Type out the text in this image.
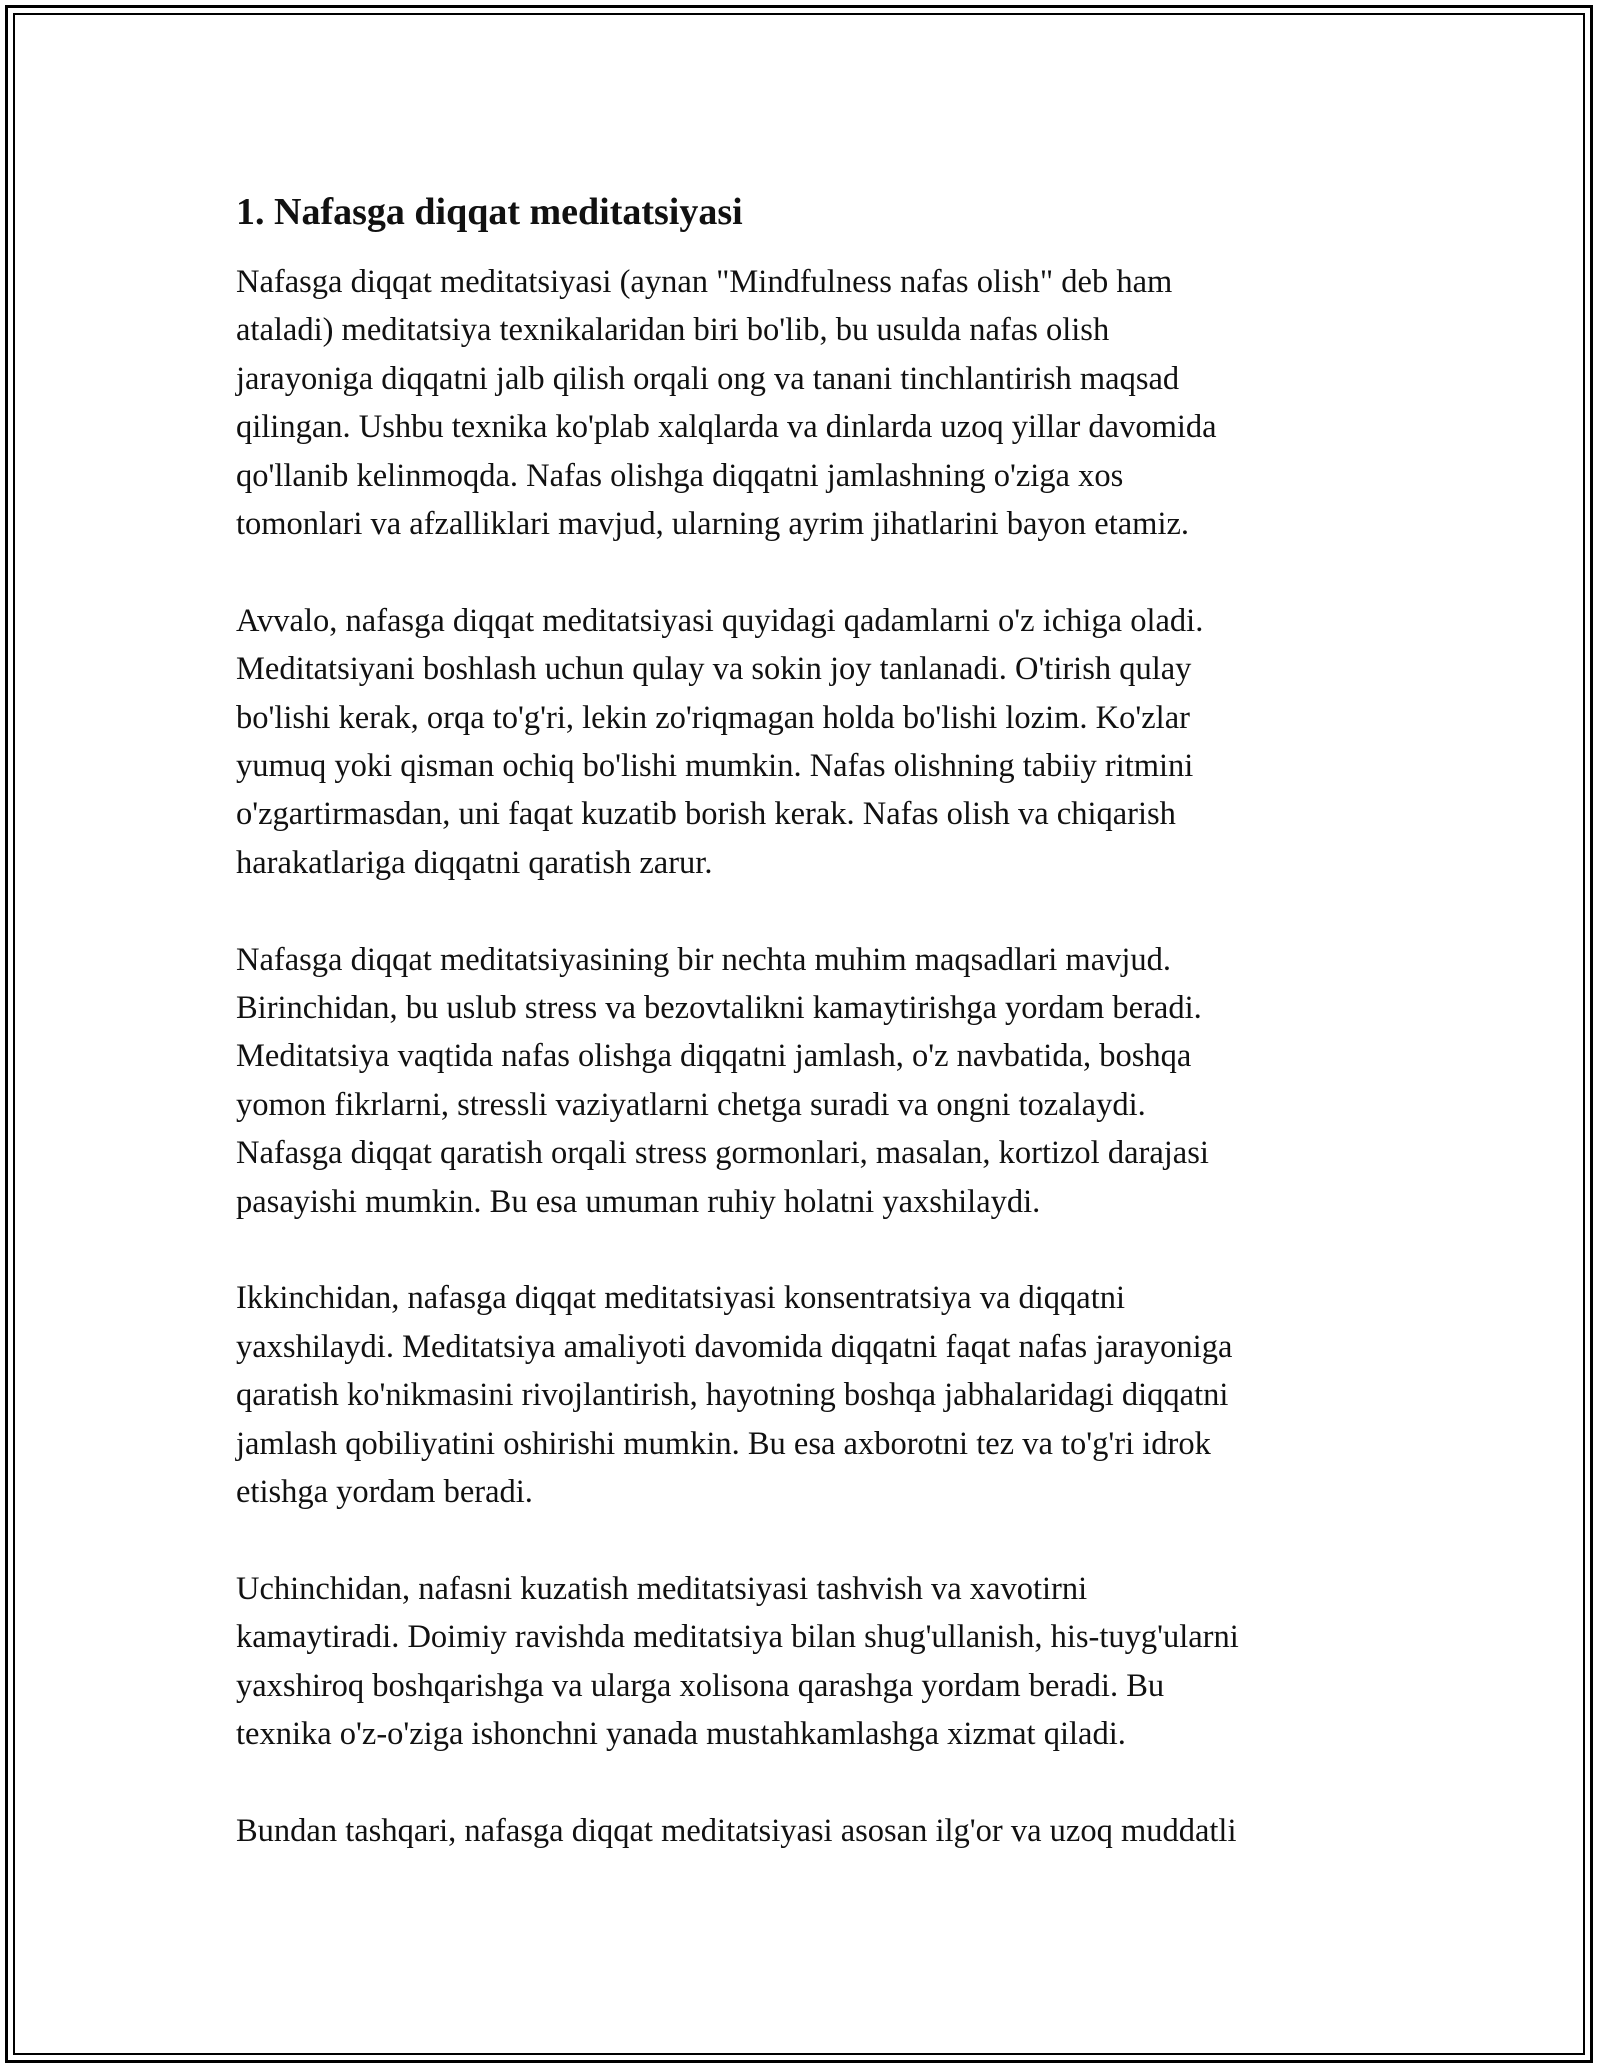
1. Nafasga diqqat meditatsiyasi

Nafasga diqqat meditatsiyasi (aynan "Mindfulness nafas olish" deb ham
ataladi) meditatsiya texnikalaridan biri bo'lib, bu usulda nafas olish
jarayoniga diqqatni jalb qilish orqali ong va tanani tinchlantirish maqsad
qilingan. Ushbu texnika ko'plab xalqlarda va dinlarda uzoq yillar davomida
qo'llanib kelinmoqda. Nafas olishga diqqatni jamlashning o'ziga xos
tomonlari va afzalliklari mavjud, ularning ayrim jihatlarini bayon etamiz.

Avvalo, nafasga diqqat meditatsiyasi quyidagi qadamlarni o'z ichiga oladi.
Meditatsiyani boshlash uchun qulay va sokin joy tanlanadi. O'tirish qulay
bo'lishi kerak, orqa to'g'ri, lekin zo'riqmagan holda bo'lishi lozim. Ko'zlar
yumuq yoki qisman ochiq bo'lishi mumkin. Nafas olishning tabiiy ritmini
o'zgartirmasdan, uni faqat kuzatib borish kerak. Nafas olish va chiqarish
harakatlariga diqqatni qaratish zarur.

Nafasga diqqat meditatsiyasining bir nechta muhim maqsadlari mavjud.
Birinchidan, bu uslub stress va bezovtalikni kamaytirishga yordam beradi.
Meditatsiya vaqtida nafas olishga diqqatni jamlash, o'z navbatida, boshqa
yomon fikrlarni, stressli vaziyatlarni chetga suradi va ongni tozalaydi.
Nafasga diqqat qaratish orqali stress gormonlari, masalan, kortizol darajasi
pasayishi mumkin. Bu esa umuman ruhiy holatni yaxshilaydi.

Ikkinchidan, nafasga diqqat meditatsiyasi konsentratsiya va diqqatni
yaxshilaydi. Meditatsiya amaliyoti davomida diqqatni faqat nafas jarayoniga
qaratish ko'nikmasini rivojlantirish, hayotning boshqa jabhalaridagi diqqatni
jamlash qobiliyatini oshirishi mumkin. Bu esa axborotni tez va to'g'ri idrok
etishga yordam beradi.

Uchinchidan, nafasni kuzatish meditatsiyasi tashvish va xavotirni
kamaytiradi. Doimiy ravishda meditatsiya bilan shug'ullanish, his-tuyg'ularni
yaxshiroq boshqarishga va ularga xolisona qarashga yordam beradi. Bu
texnika o'z-o'ziga ishonchni yanada mustahkamlashga xizmat qiladi.

Bundan tashqari, nafasga diqqat meditatsiyasi asosan ilg'or va uzoq muddatli
